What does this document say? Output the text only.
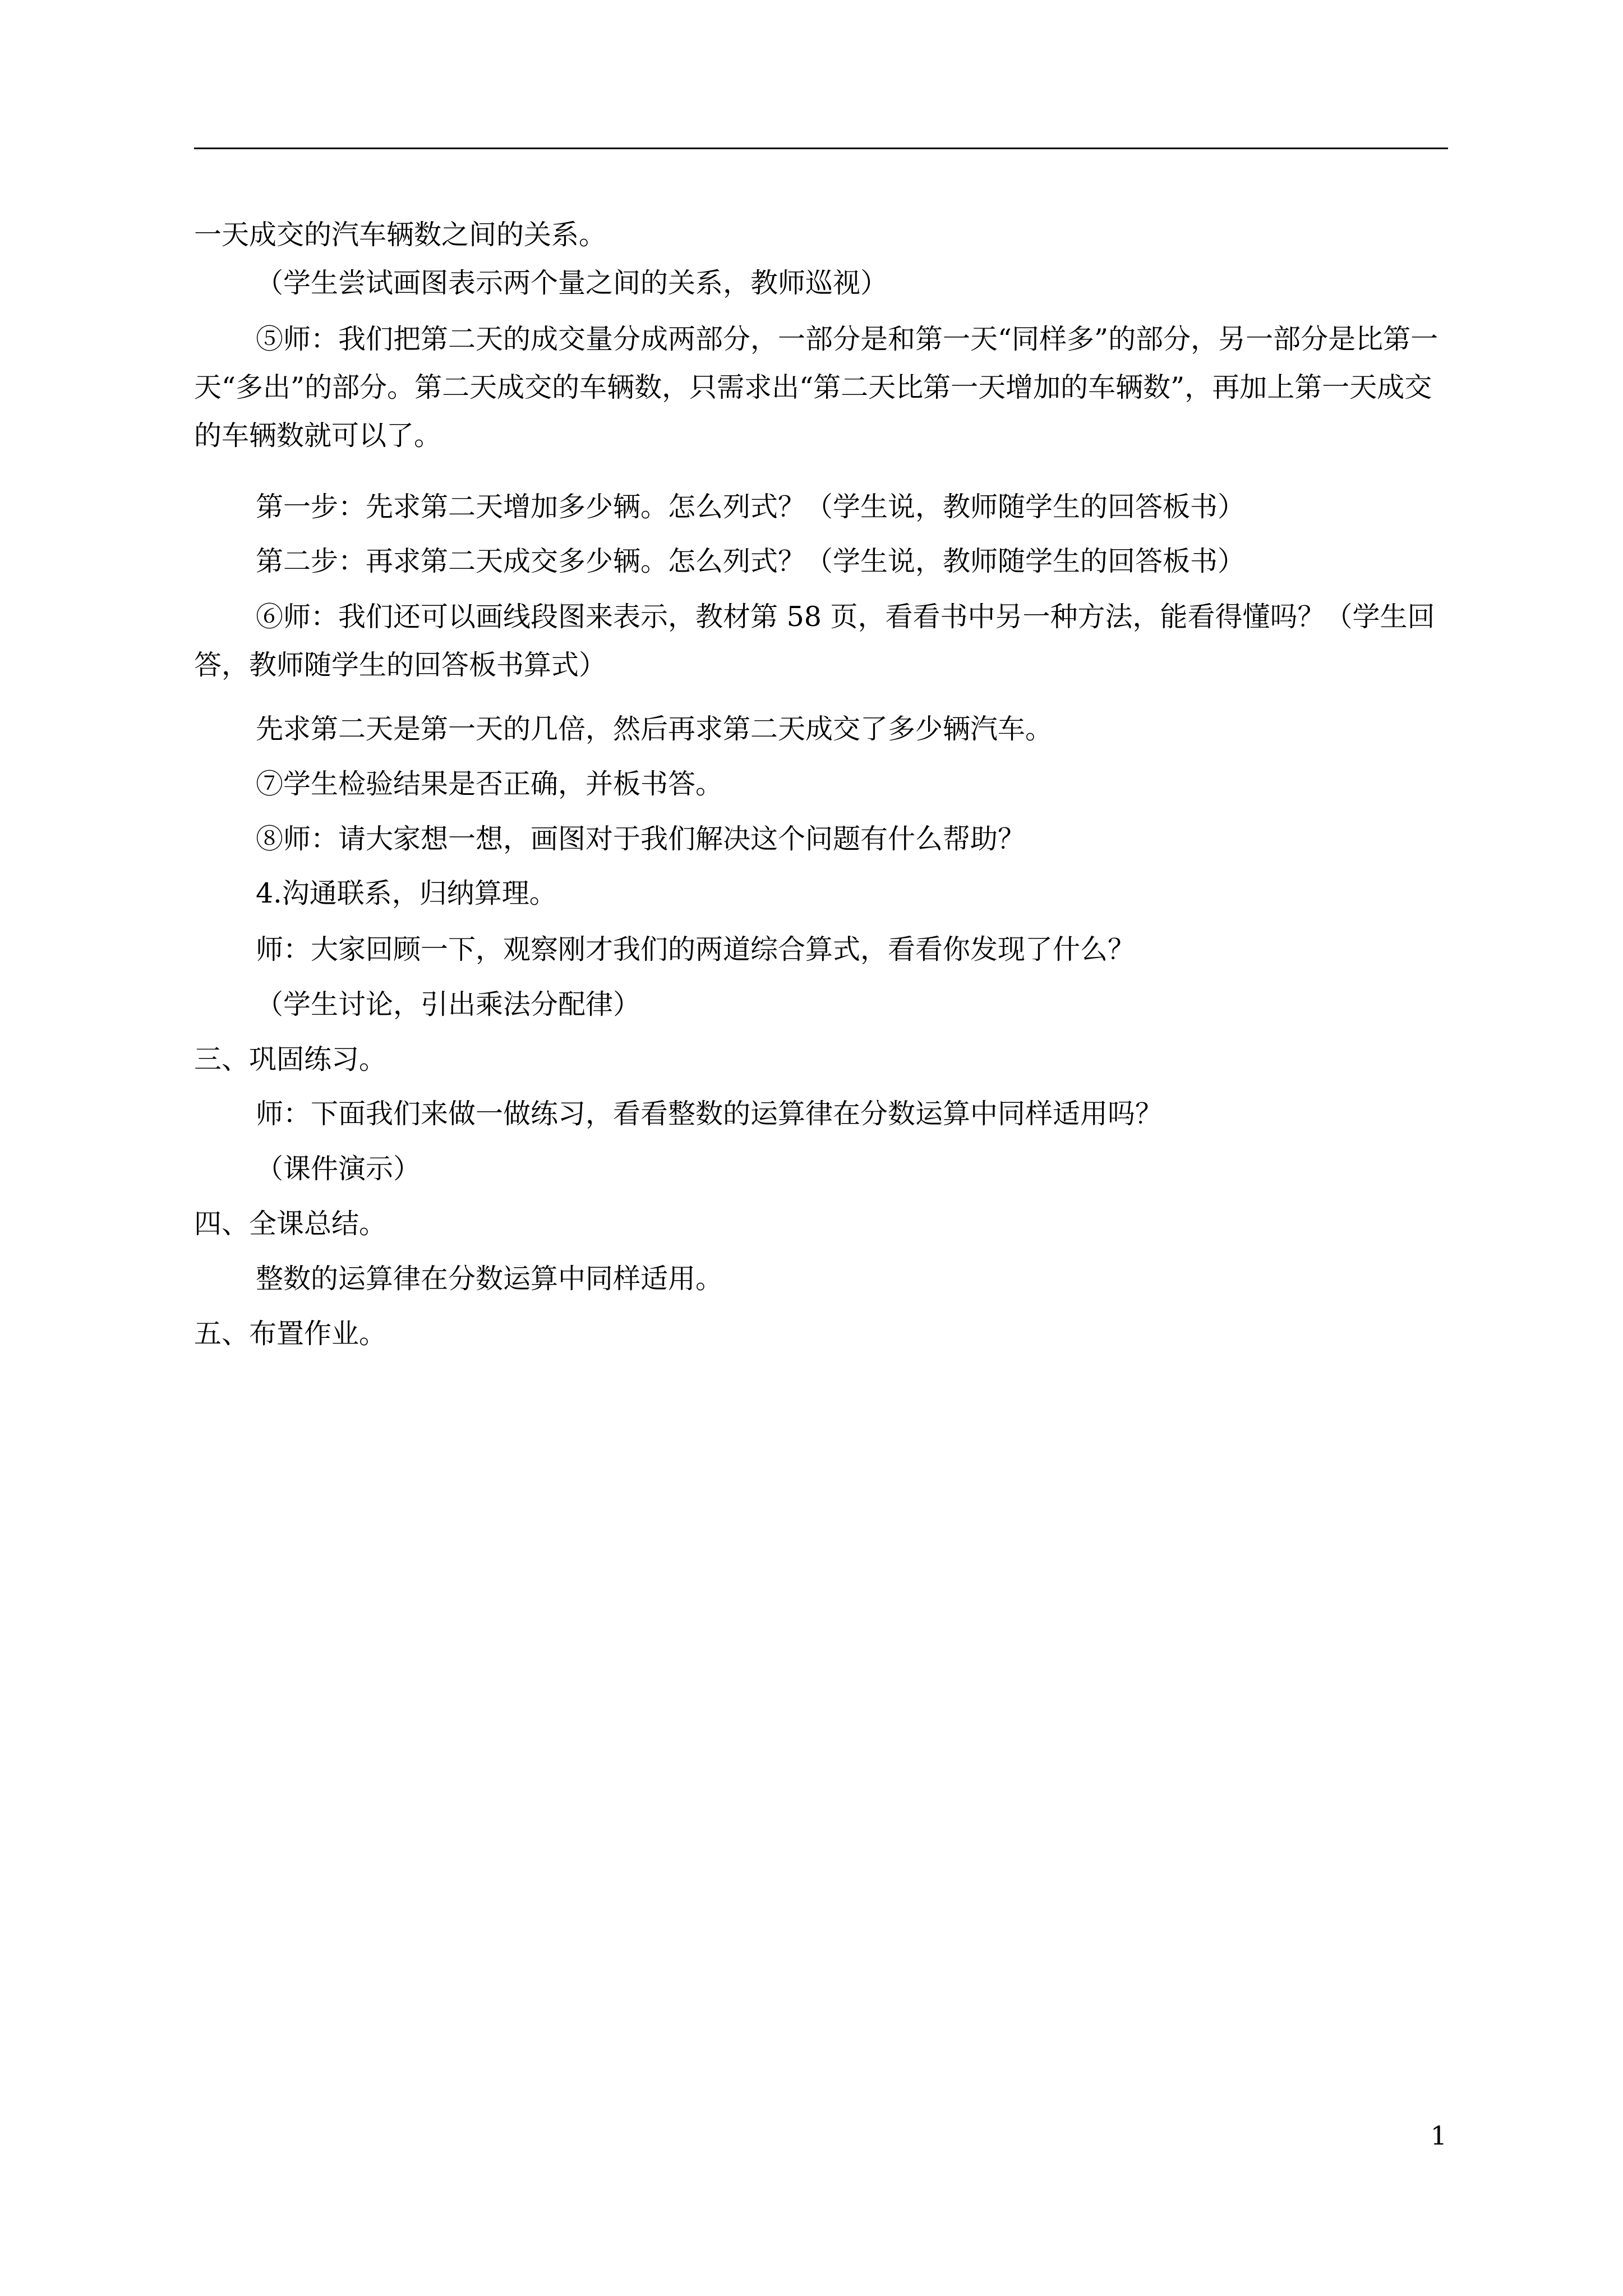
一天成交的汽车辆数之间的关系。

（学生尝试画图表示两个量之间的关系，教师巡视）

⑤师：我们把第二天的成交量分成两部分，一部分是和第一天“同样多”的部分，另一部分是比第一天“多出”的部分。第二天成交的车辆数，只需求出“第二天比第一天增加的车辆数”，再加上第一天成交的车辆数就可以了。

第一步：先求第二天增加多少辆。怎么列式？（学生说，教师随学生的回答板书）

第二步：再求第二天成交多少辆。怎么列式？（学生说，教师随学生的回答板书）

⑥师：我们还可以画线段图来表示，教材第 58 页，看看书中另一种方法，能看得懂吗？（学生回答，教师随学生的回答板书算式）

先求第二天是第一天的几倍，然后再求第二天成交了多少辆汽车。

⑦学生检验结果是否正确，并板书答。

⑧师：请大家想一想，画图对于我们解决这个问题有什么帮助？

4.沟通联系，归纳算理。

师：大家回顾一下，观察刚才我们的两道综合算式，看看你发现了什么？

（学生讨论，引出乘法分配律）

三、巩固练习。

师：下面我们来做一做练习，看看整数的运算律在分数运算中同样适用吗？

（课件演示）

四、全课总结。

整数的运算律在分数运算中同样适用。

五、布置作业。

1
